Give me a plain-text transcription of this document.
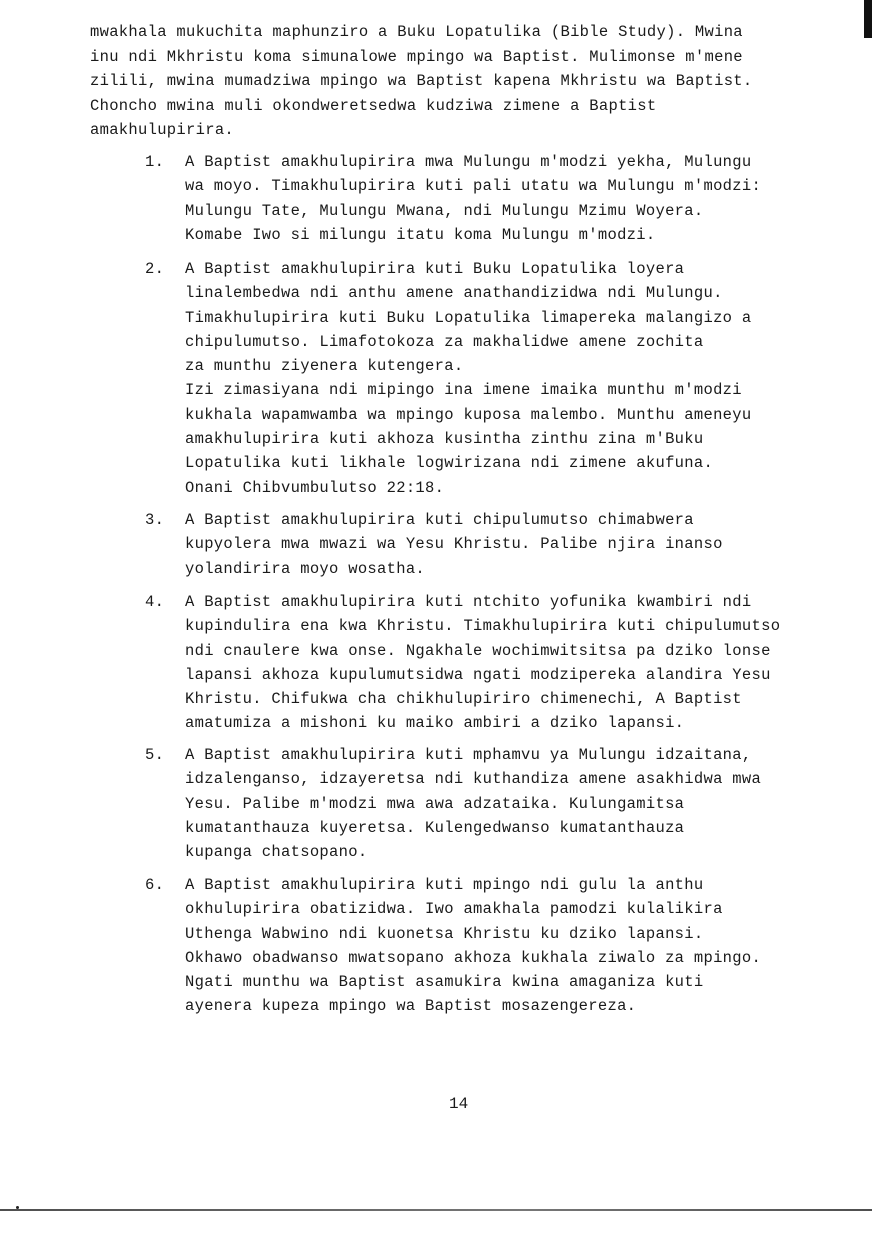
mwakhala mukuchita maphunziro a Buku Lopatulika (Bible Study). Mwina
inu ndi Mkhristu koma simunalowe mpingo wa Baptist. Mulimonse m'mene
zilili, mwina mumadziwa mpingo wa Baptist kapena Mkhristu wa Baptist.
Choncho mwina muli okondweretsedwa kudziwa zimene a Baptist
amakhulupirira.
1.	A Baptist amakhulupirira mwa Mulungu m'modzi yekha, Mulungu
wa moyo. Timakhulupirira kuti pali utatu wa Mulungu m'modzi:
Mulungu Tate, Mulungu Mwana, ndi Mulungu Mzimu Woyera.
Komabe Iwo si milungu itatu koma Mulungu m'modzi.
2.	A Baptist amakhulupirira kuti Buku Lopatulika loyera
linalembedwa ndi anthu amene anathandizidwa ndi Mulungu.
Timakhulupirira kuti Buku Lopatulika limapereka malangizo a
chipulumutso. Limafotokoza za makhalidwe amene zochita
za munthu ziyenera kutengera.
Izi zimasiyana ndi mipingo ina imene imaika munthu m'modzi
kukhala wapamwamba wa mpingo kuposa malembo. Munthu ameneyu
amakhulupirira kuti akhoza kusintha zinthu zina m'Buku
Lopatulika kuti likhale logwirizana ndi zimene akufuna.
Onani Chibvumbulutso 22:18.
3.	A Baptist amakhulupirira kuti chipulumutso chimabwera
kupyolera mwa mwazi wa Yesu Khristu. Palibe njira inanso
yolandirira moyo wosatha.
4.	A Baptist amakhulupirira kuti ntchito yofunika kwambiri ndi
kupindulira ena kwa Khristu. Timakhulupirira kuti chipulumutso
ndi cnaulere kwa onse. Ngakhale wochimwitsitsa pa dziko lonse
lapansi akhoza kupulumutsidwa ngati modzipereka alandira Yesu
Khristu. Chifukwa cha chikhulupiriro chimenechi, A Baptist
amatumiza a mishoni ku maiko ambiri a dziko lapansi.
5.	A Baptist amakhulupirira kuti mphamvu ya Mulungu idzaitana,
idzalenganso, idzayeretsa ndi kuthandiza amene asakhidwa mwa
Yesu. Palibe m'modzi mwa awa adzataika. Kulungamitsa
kumatanthauza kuyeretsa. Kulengedwanso kumatanthauza
kupanga chatsopano.
6.	A Baptist amakhulupirira kuti mpingo ndi gulu la anthu
okhulupirira obatizidwa. Iwo amakhala pamodzi kulalikira
Uthenga Wabwino ndi kuonetsa Khristu ku dziko lapansi.
Okhawo obadwanso mwatsopano akhoza kukhala ziwalo za mpingo.
Ngati munthu wa Baptist asamukira kwina amaganiza kuti
ayenera kupeza mpingo wa Baptist mosazengereza.
14
